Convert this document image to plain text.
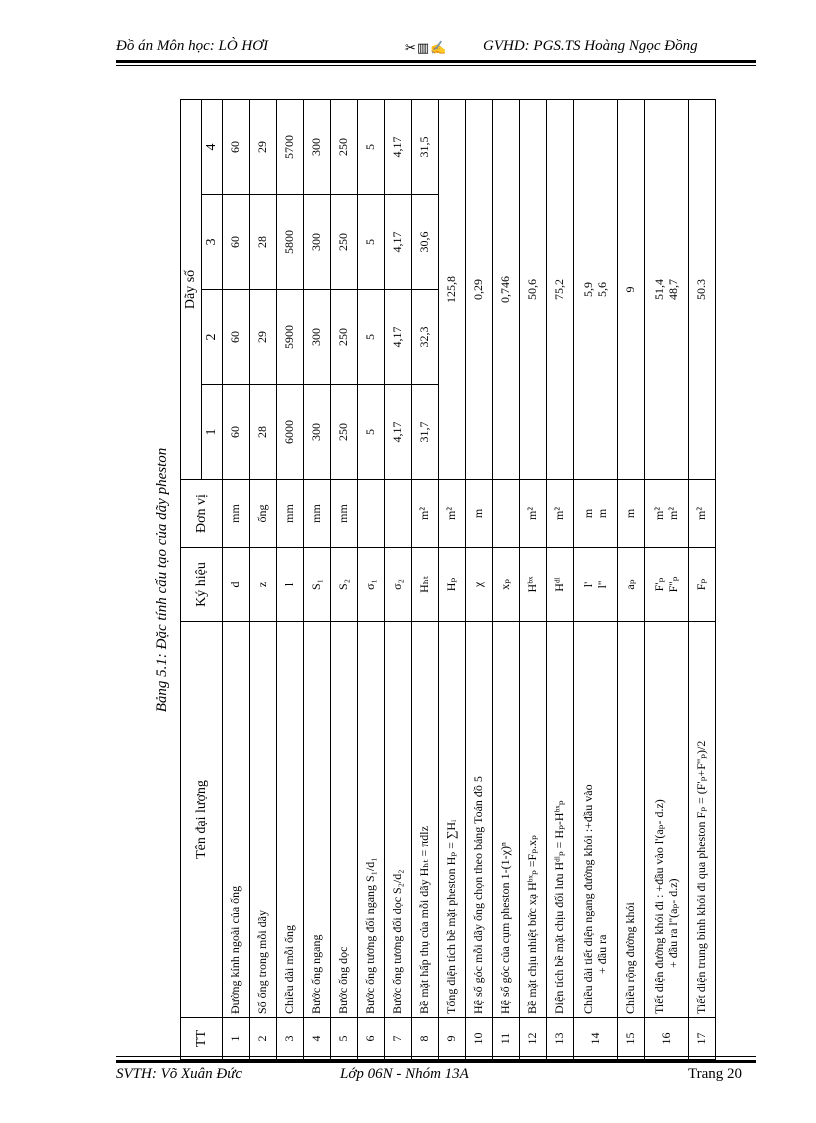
Đồ án Môn học: LÒ HƠI	✂▥✍ GVHD: PGS.TS Hoàng Ngọc Đồng
Bảng 5.1: Đặc tính cấu tạo của dãy pheston
TT	Tên đại lượng	Ký hiệu	Đơn vị	Dãy số			
				1	2	3	4
1	Đường kính ngoài của ống	d	mm	60	60	60	60
2	Số ống trong mỗi dãy	z	ống	28	29	28	29
3	Chiều dài mỗi ống	l	mm	6000	5900	5800	5700
4	Bước ống ngang	S₁	mm	300	300	300	300
5	Bước ống dọc	S₂	mm	250	250	250	250
6	Bước ống tương đối ngang S₁/d₁	σ₁		5	5	5	5
7	Bước ống tương đối dọc S₂/d₂	σ₂		4,17	4,17	4,17	4,17
8	Bề mặt hấp thụ của mỗi dãy Hₕₜ = πdlz	Hₕₜ	m²	31,7	32,3	30,6	31,5
9	Tổng diện tích bề mặt pheston Hₚ = ∑Hᵢ	Hₚ	m²	125,8			

10	Hệ số góc mỗi dãy ống chọn theo bảng Toán đồ 5	χ	m	0,29			

11	Hệ số góc của cụm pheston 1-(1-χ)ⁿ	xₚ		0,746			

12	Bề mặt chịu nhiệt bức xạ Hᵇˣₚ =Fₚ.xₚ	Hᵇˣ	m²	50,6			

13	Diện tích bề mặt chịu đối lưu Hᵈˡₚ = Hₚ-Hᵇˣₚ	Hᵈˡ	m²	75,2			

14	Chiều dài tiết diện ngang đường khói :+đầu vào + đầu ra	l' l''	m m	5,9 5,6			

15	Chiều rộng đường khói	aₚ	m	9			

16	Tiết diện đường khói đi : +đầu vào l'(aₚ- d.z) + đầu ra l''(aₚ- d.z)	F'ₚ F''ₚ	m² m²	51,4 48,7			

17	Tiết diện trung bình khói đi qua pheston Fₚ = (F'ₚ+F''ₚ)/2	Fₚ	m²	50.3			
SVTH: Võ Xuân Đức	Lớp 06N - Nhóm 13A	Trang 20
